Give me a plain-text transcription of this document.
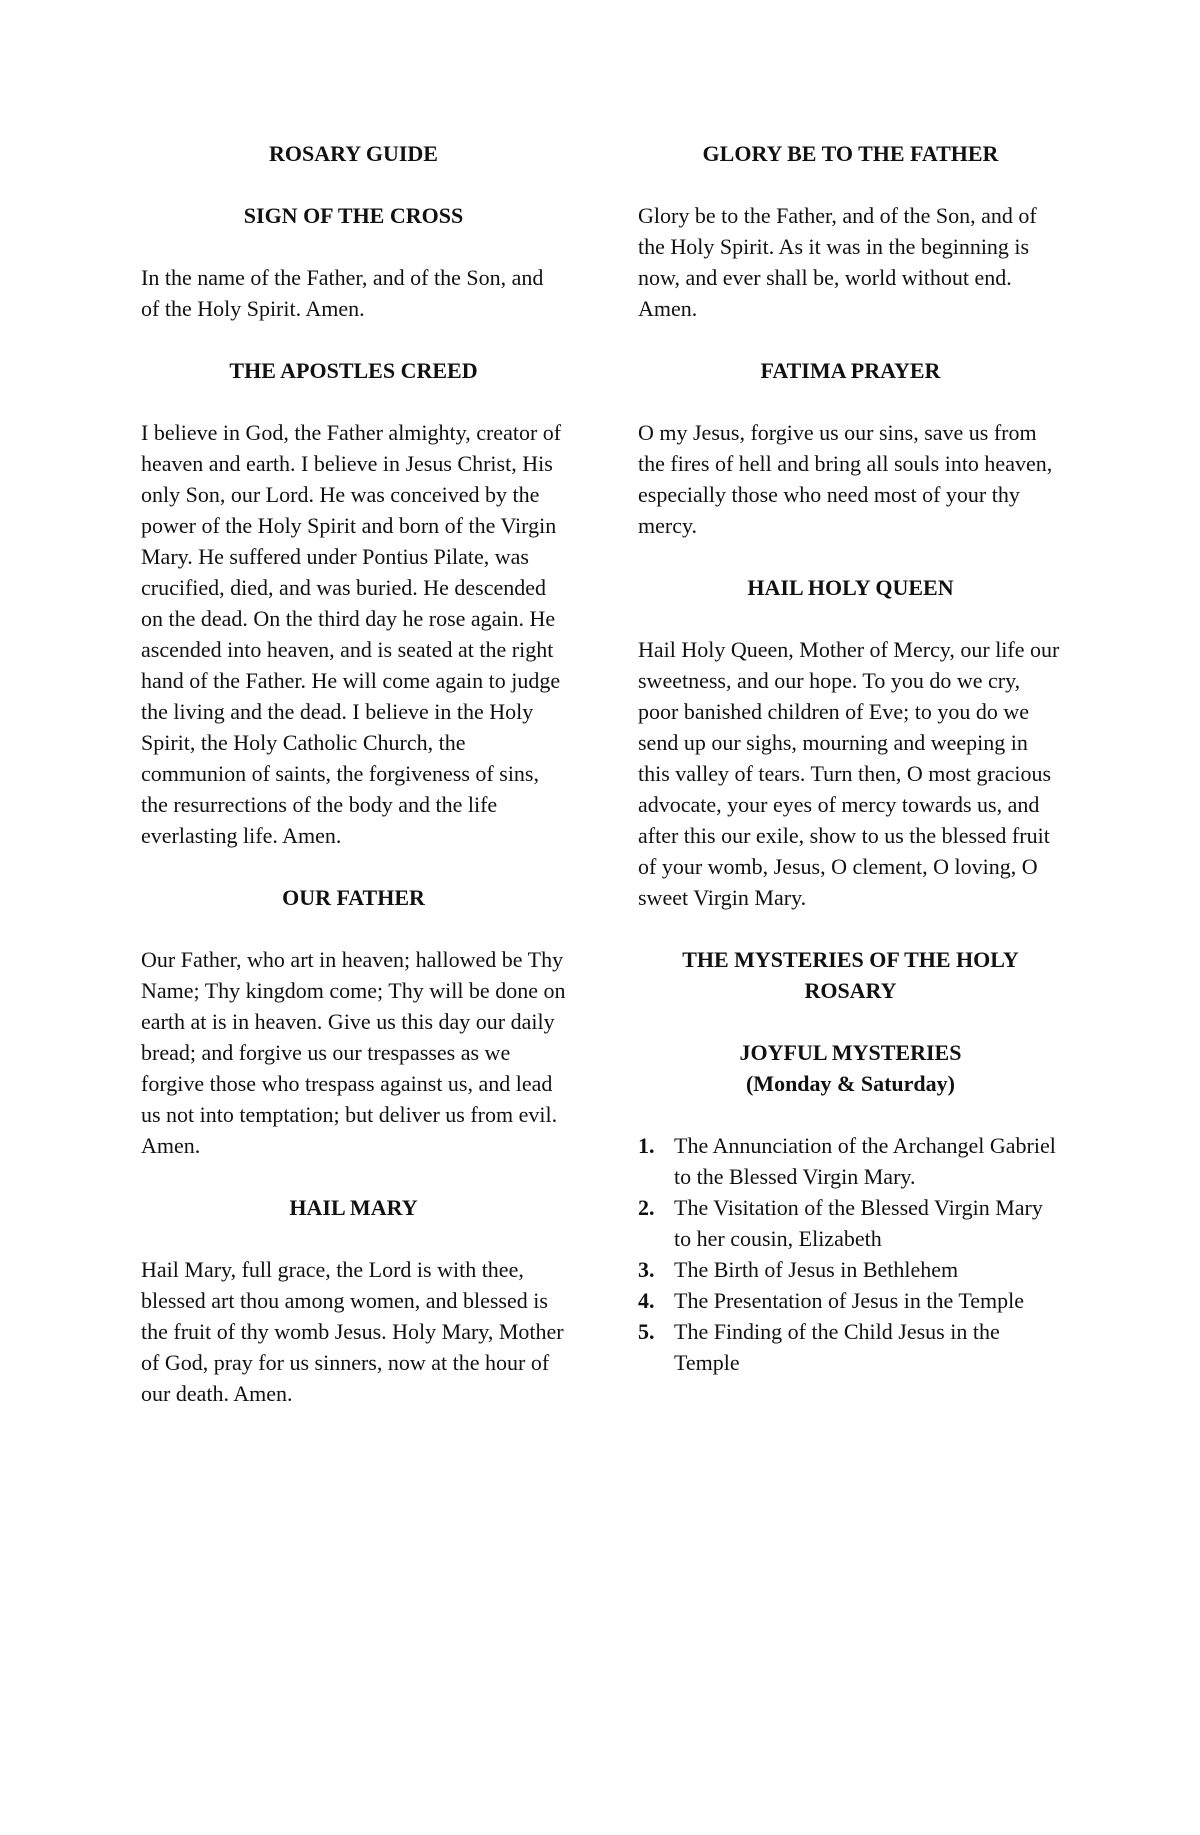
ROSARY GUIDE

SIGN OF THE CROSS

In the name of the Father, and of the Son, and of the Holy Spirit. Amen.

THE APOSTLES CREED

I believe in God, the Father almighty, creator of heaven and earth. I believe in Jesus Christ, His only Son, our Lord. He was conceived by the power of the Holy Spirit and born of the Virgin Mary. He suffered under Pontius Pilate, was crucified, died, and was buried. He descended on the dead. On the third day he rose again. He ascended into heaven, and is seated at the right hand of the Father. He will come again to judge the living and the dead. I believe in the Holy Spirit, the Holy Catholic Church, the communion of saints, the forgiveness of sins, the resurrections of the body and the life everlasting life. Amen.

OUR FATHER

Our Father, who art in heaven; hallowed be Thy Name; Thy kingdom come; Thy will be done on earth at is in heaven. Give us this day our daily bread; and forgive us our trespasses as we forgive those who trespass against us, and lead us not into temptation; but deliver us from evil. Amen.

HAIL MARY

Hail Mary, full grace, the Lord is with thee, blessed art thou among women, and blessed is the fruit of thy womb Jesus. Holy Mary, Mother of God, pray for us sinners, now at the hour of our death. Amen.

GLORY BE TO THE FATHER

Glory be to the Father, and of the Son, and of the Holy Spirit. As it was in the beginning is now, and ever shall be, world without end. Amen.

FATIMA PRAYER

O my Jesus, forgive us our sins, save us from the fires of hell and bring all souls into heaven, especially those who need most of your thy mercy.

HAIL HOLY QUEEN

Hail Holy Queen, Mother of Mercy, our life our sweetness, and our hope. To you do we cry, poor banished children of Eve; to you do we send up our sighs, mourning and weeping in this valley of tears. Turn then, O most gracious advocate, your eyes of mercy towards us, and after this our exile, show to us the blessed fruit of your womb, Jesus, O clement, O loving, O sweet Virgin Mary.

THE MYSTERIES OF THE HOLY ROSARY

JOYFUL MYSTERIES

(Monday & Saturday)

1. The Annunciation of the Archangel Gabriel to the Blessed Virgin Mary.
2. The Visitation of the Blessed Virgin Mary to her cousin, Elizabeth
3. The Birth of Jesus in Bethlehem
4. The Presentation of Jesus in the Temple
5. The Finding of the Child Jesus in the Temple
